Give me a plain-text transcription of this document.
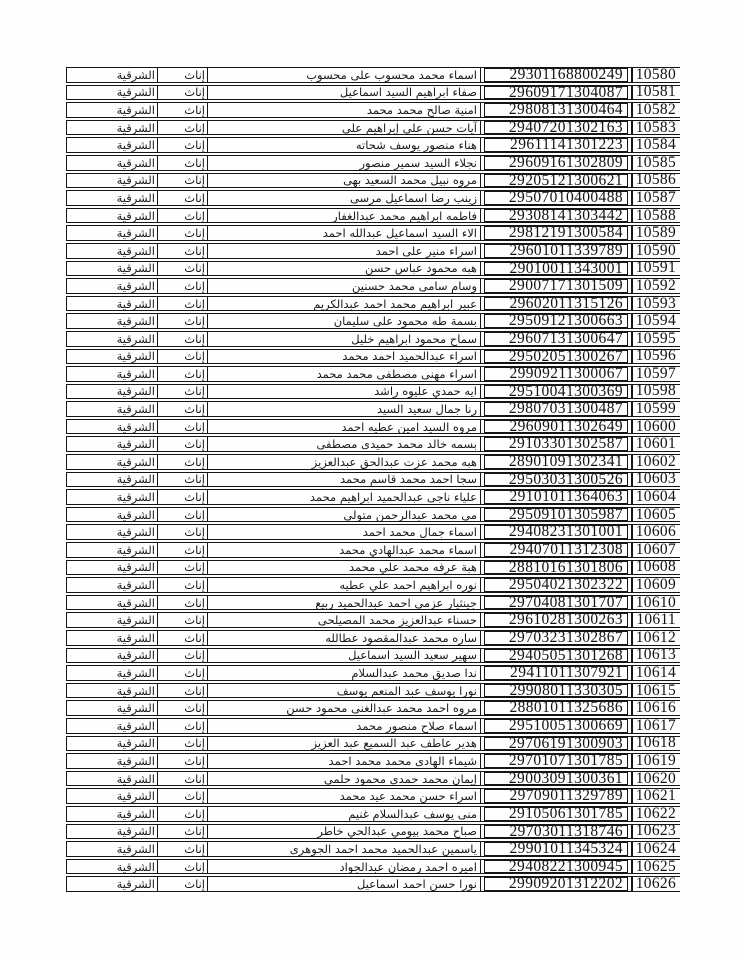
10580	29301168800249	اسماء محمد محسوب على محسوب	إناث	الشرقية
10581	29609171304087	صفاء ابراهيم السيد اسماعيل	إناث	الشرقية
10582	29808131300464	امنية صالح محمد محمد	إناث	الشرقية
10583	29407201302163	آيات حسن علي إبراهيم علي	إناث	الشرقية
10584	29611141301223	هناء منصور يوسف شحاته	إناث	الشرقية
10585	29609161302809	نجلاء السيد سمير منصور	إناث	الشرقية
10586	29205121300621	مروه نبيل محمد السعيد بهى	إناث	الشرقية
10587	29507010400488	زينب رضا اسماعيل مرسى	إناث	الشرقية
10588	29308141303442	فاطمه ابراهيم محمد عبدالغفار	إناث	الشرقية
10589	29812191300584	الاء السيد اسماعيل عبدالله احمد	إناث	الشرقية
10590	29601011339789	اسراء منير على احمد	إناث	الشرقية
10591	29010011343001	هبه محمود عباس حسن	إناث	الشرقية
10592	29007171301509	وسام سامى محمد حسنين	إناث	الشرقية
10593	29602011315126	عبير ابراهيم محمد احمد عبدالكريم	إناث	الشرقية
10594	29509121300663	بسمة طه محمود على سليمان	إناث	الشرقية
10595	29607131300647	سماح محمود ابراهيم خليل	إناث	الشرقية
10596	29502051300267	اسراء عبدالحميد احمد محمد	إناث	الشرقية
10597	29909211300067	اسراء مهنى مصطفى محمد محمد	إناث	الشرقية
10598	29510041300369	ايه حمدي عليوه راشد	إناث	الشرقية
10599	29807031300487	رنا جمال سعيد السيد	إناث	الشرقية
10600	29609011302649	مروه السيد امين عطيه احمد	إناث	الشرقية
10601	29103301302587	بسمه خالد محمد حميدى مصطفى	إناث	الشرقية
10602	28901091302341	هبه محمد عزت عبدالحق عبدالعزيز	إناث	الشرقية
10603	29503031300526	سجا احمد محمد قاسم محمد	إناث	الشرقية
10604	29101011364063	علياء ناجى عبدالحميد ابراهيم محمد	إناث	الشرقية
10605	29509101305987	مى محمد عبدالرحمن متولى	إناث	الشرقية
10606	29408231301001	اسماء جمال محمد احمد	إناث	الشرقية
10607	29407011312308	اسماء محمد عبدالهادي محمد	إناث	الشرقية
10608	28810161301806	هبة عرفه محمد علي محمد	إناث	الشرقية
10609	29504021302322	نوره ابراهيم احمد علي عطيه	إناث	الشرقية
10610	29704081301707	جينثيار عزمى احمد عبدالحميد ربيع	إناث	الشرقية
10611	29610281300263	حسناء عبدالعزيز محمد المصيلحى	إناث	الشرقية
10612	29703231302867	ساره محمد عبدالمقصود عطالله	إناث	الشرقية
10613	29405051301268	سهير سعيد السيد اسماعيل	إناث	الشرقية
10614	29411011307921	ندا صديق محمد عبدالسلام	إناث	الشرقية
10615	29908011330305	نورا يوسف عبد المنعم يوسف	إناث	الشرقية
10616	28801011325686	مروه احمد محمد عبدالغنى محمود حسن	إناث	الشرقية
10617	29510051300669	اسماء صلاح منصور محمد	إناث	الشرقية
10618	29706191300903	هدير عاطف عبد السميع عبد العزيز	إناث	الشرقية
10619	29701071301785	شيماء الهادى محمد محمد احمد	إناث	الشرقية
10620	29003091300361	إيمان محمد حمدى محمود حلمي	إناث	الشرقية
10621	29709011329789	اسراء حسن محمد عيد محمد	إناث	الشرقية
10622	29105061301785	منى يوسف عبدالسلام غنيم	إناث	الشرقية
10623	29703011318746	صباح محمد بيومي عبدالحي خاطر	إناث	الشرقية
10624	29901011345324	ياسمين عبدالحميد محمد احمد الجوهرى	إناث	الشرقية
10625	29408221300945	اميره احمد رمضان عبدالجواد	إناث	الشرقية
10626	29909201312202	نورا حسن احمد اسماعيل	إناث	الشرقية
